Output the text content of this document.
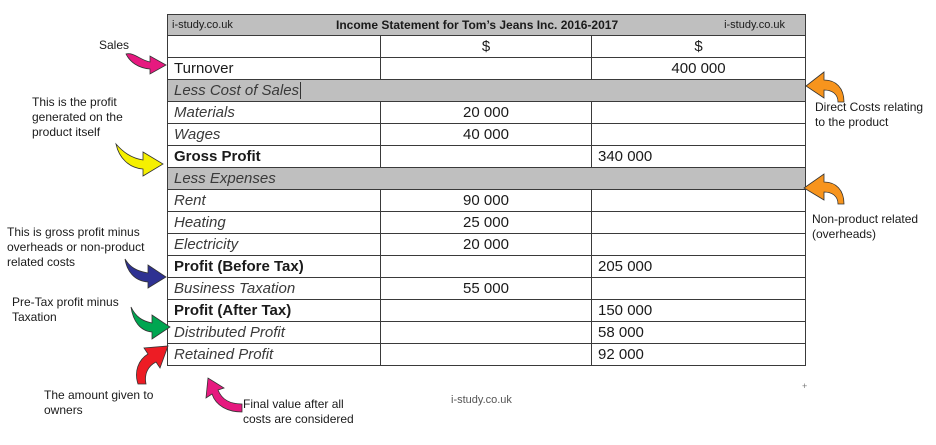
i-study.co.uk Income Statement for Tom’s Jeans Inc. 2016-2017 i-study.co.uk		

	$	$
Turnover		400 000
Less Cost of Sales		
Materials	20 000	
Wages	40 000	
Gross Profit		340 000
Less Expenses		
Rent	90 000	
Heating	25 000	
Electricity	20 000	
Profit (Before Tax)		205 000
Business Taxation	55 000	
Profit (After Tax)		150 000
Distributed Profit		58 000
Retained Profit		92 000
+
Sales
This is the profit
generated on the
product itself
This is gross profit minus
overheads or non-product
related costs
Pre-Tax profit minus
Taxation
The amount given to
owners	Final value after all
costs are considered
Direct Costs relating
to the product
Non-product related
(overheads)
i-study.co.uk
